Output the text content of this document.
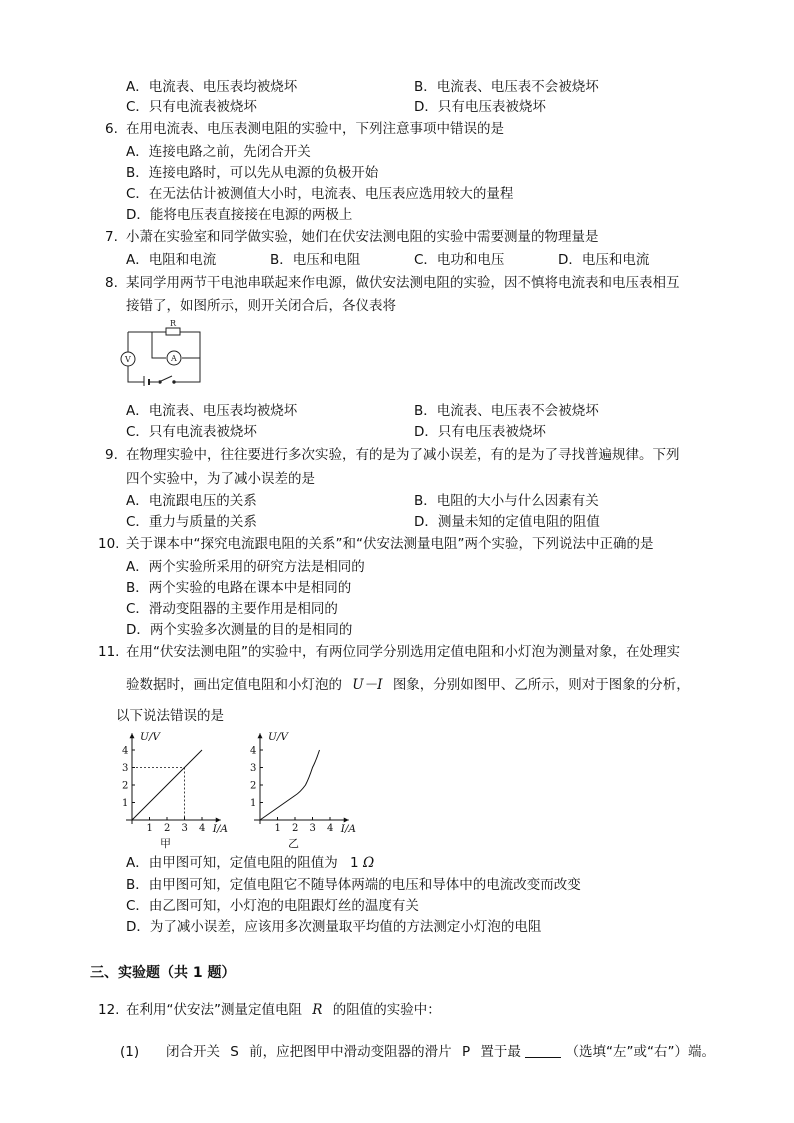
A．电流表、电压表均被烧坏	B．电流表、电压表不会被烧坏
C．只有电流表被烧坏	D．只有电压表被烧坏
6. 在用电流表、电压表测电阻的实验中，下列注意事项中错误的是
A．连接电路之前，先闭合开关
B．连接电路时，可以先从电源的负极开始
C．在无法估计被测值大小时，电流表、电压表应选用较大的量程
D．能将电压表直接接在电源的两极上
7. 小萧在实验室和同学做实验，她们在伏安法测电阻的实验中需要测量的物理量是
A．电阻和电流	B．电压和电阻	C．电功和电压	D．电压和电流
8. 某同学用两节干电池串联起来作电源，做伏安法测电阻的实验，因不慎将电流表和电压表相互
接错了，如图所示，则开关闭合后，各仪表将
R
V	A
A．电流表、电压表均被烧坏	B．电流表、电压表不会被烧坏
C．只有电流表被烧坏	D．只有电压表被烧坏
9. 在物理实验中，往往要进行多次实验，有的是为了减小误差，有的是为了寻找普遍规律。下列
四个实验中，为了减小误差的是
A．电流跟电压的关系	B．电阻的大小与什么因素有关
C．重力与质量的关系	D．测量未知的定值电阻的阻值
10. 关于课本中“探究电流跟电阻的关系”和“伏安法测量电阻”两个实验，下列说法中正确的是
A．两个实验所采用的研究方法是相同的
B．两个实验的电路在课本中是相同的
C．滑动变阻器的主要作用是相同的
D．两个实验多次测量的目的是相同的
11. 在用“伏安法测电阻”的实验中，有两位同学分别选用定值电阻和小灯泡为测量对象，在处理实
验数据时，画出定值电阻和小灯泡的 U－I 图象，分别如图甲、乙所示，则对于图象的分析，
以下说法错误的是
1 2 3 4
1
2
3
4
U/V
I/A
甲
1 2 3 4
1
2
3
4
U/V
I/A
乙
A．由甲图可知，定值电阻的阻值为 1 Ω
B．由甲图可知，定值电阻它不随导体两端的电压和导体中的电流改变而改变
C．由乙图可知，小灯泡的电阻跟灯丝的温度有关
D．为了减小误差，应该用多次测量取平均值的方法测定小灯泡的电阻
三、实验题（共 1 题）
12. 在利用“伏安法”测量定值电阻 R 的阻值的实验中：
(1) 闭合开关 S 前，应把图甲中滑动变阻器的滑片 P 置于最	（选填“左”或“右”）端。
